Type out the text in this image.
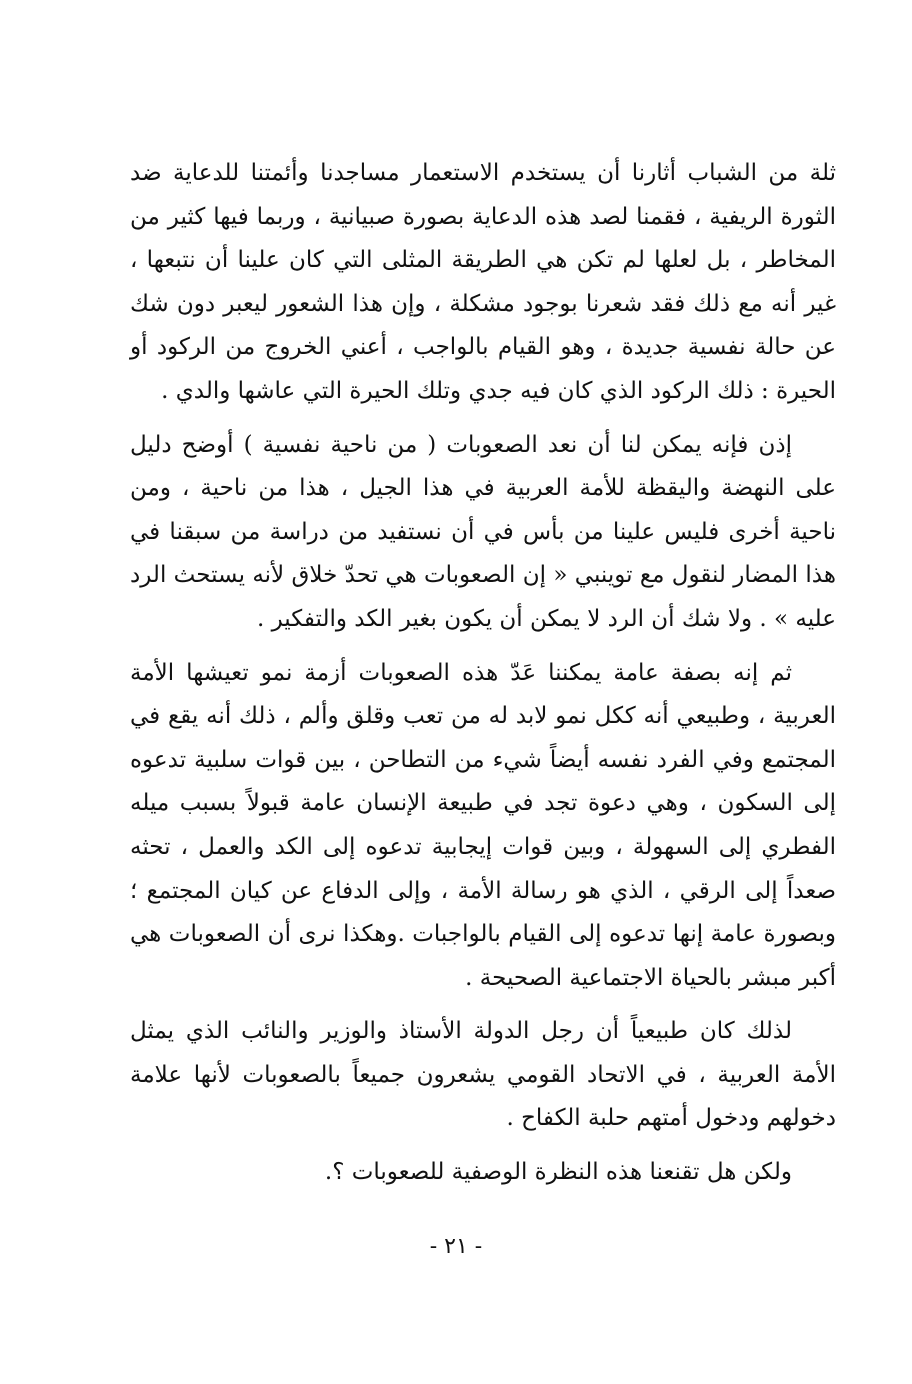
ثلة من الشباب أثارنا أن يستخدم الاستعمار مساجدنا وأئمتنا للدعاية ضد الثورة الريفية ، فقمنا لصد هذه الدعاية بصورة صبيانية ، وربما فيها كثير من المخاطر ، بل لعلها لم تكن هي الطريقة المثلى التي كان علينا أن نتبعها ، غير أنه مع ذلك فقد شعرنا بوجود مشكلة ، وإن هذا الشعور ليعبر دون شك عن حالة نفسية جديدة ، وهو القيام بالواجب ، أعني الخروج من الركود أو الحيرة : ذلك الركود الذي كان فيه جدي وتلك الحيرة التي عاشها والدي .

إذن فإنه يمكن لنا أن نعد الصعوبات ( من ناحية نفسية ) أوضح دليل على النهضة واليقظة للأمة العربية في هذا الجيل ، هذا من ناحية ، ومن ناحية أخرى فليس علينا من بأس في أن نستفيد من دراسة من سبقنا في هذا المضار لنقول مع توينبي « إن الصعوبات هي تحدّ خلاق لأنه يستحث الرد عليه » . ولا شك أن الرد لا يمكن أن يكون بغير الكد والتفكير .

ثم إنه بصفة عامة يمكننا عَدّ هذه الصعوبات أزمة نمو تعيشها الأمة العربية ، وطبيعي أنه ككل نمو لابد له من تعب وقلق وألم ، ذلك أنه يقع في المجتمع وفي الفرد نفسه أيضاً شيء من التطاحن ، بين قوات سلبية تدعوه إلى السكون ، وهي دعوة تجد في طبيعة الإنسان عامة قبولاً بسبب ميله الفطري إلى السهولة ، وبين قوات إيجابية تدعوه إلى الكد والعمل ، تحثه صعداً إلى الرقي ، الذي هو رسالة الأمة ، وإلى الدفاع عن كيان المجتمع ؛ وبصورة عامة إنها تدعوه إلى القيام بالواجبات .وهكذا نرى أن الصعوبات هي أكبر مبشر بالحياة الاجتماعية الصحيحة .

لذلك كان طبيعياً أن رجل الدولة الأستاذ والوزير والنائب الذي يمثل الأمة العربية ، في الاتحاد القومي يشعرون جميعاً بالصعوبات لأنها علامة دخولهم ودخول أمتهم حلبة الكفاح .

ولكن هل تقنعنا هذه النظرة الوصفية للصعوبات ؟.

- ٢١ -
